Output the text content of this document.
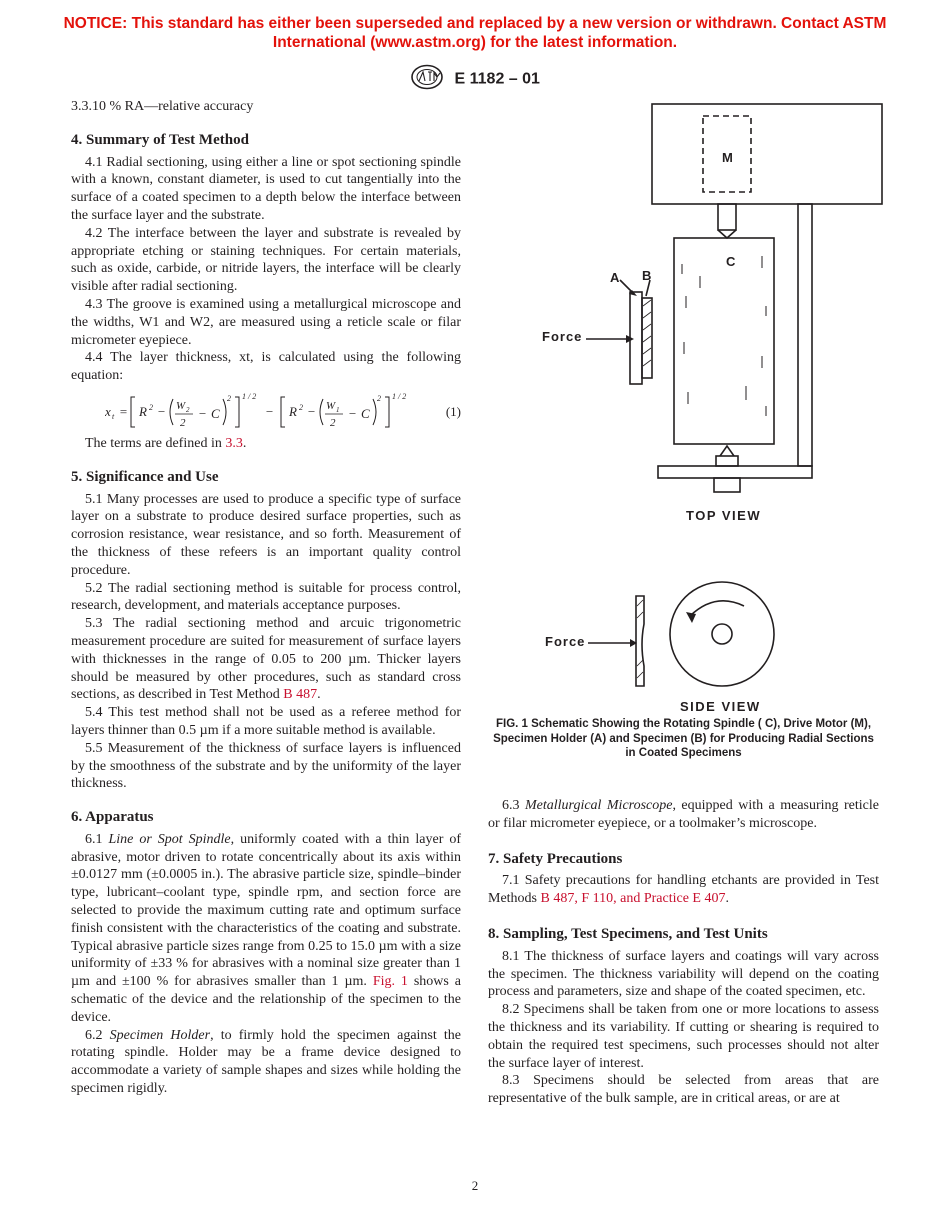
NOTICE: This standard has either been superseded and replaced by a new version or withdrawn. Contact ASTM International (www.astm.org) for the latest information.
E 1182 – 01

3.3.10 % RA—relative accuracy

4. Summary of Test Method

4.1 Radial sectioning, using either a line or spot sectioning spindle with a known, constant diameter, is used to cut tangentially into the surface of a coated specimen to a depth below the interface between the surface layer and the substrate.

4.2 The interface between the layer and substrate is revealed by appropriate etching or staining techniques. For certain materials, such as oxide, carbide, or nitride layers, the interface will be clearly visible after radial sectioning.

4.3 The groove is examined using a metallurgical microscope and the widths, W1 and W2, are measured using a reticle scale or filar micrometer eyepiece.

4.4 The layer thickness, xt, is calculated using the following equation:

x t = R 2 − W 2
2
− C
2 1 / 2
− R 2 − W 1
2
− C
2 1 / 2
(1)

The terms are defined in 3.3.

5. Significance and Use

5.1 Many processes are used to produce a specific type of surface layer on a substrate to produce desired surface properties, such as corrosion resistance, wear resistance, and so forth. Measurement of the thickness of these refeers is an important quality control procedure.

5.2 The radial sectioning method is suitable for process control, research, development, and materials acceptance purposes.

5.3 The radial sectioning method and arcuic trigonometric measurement procedure are suited for measurement of surface layers with thicknesses in the range of 0.05 to 200 µm. Thicker layers should be measured by other procedures, such as standard cross sections, as described in Test Method B 487.

5.4 This test method shall not be used as a referee method for layers thinner than 0.5 µm if a more suitable method is available.

5.5 Measurement of the thickness of surface layers is influenced by the smoothness of the substrate and by the uniformity of the layer thickness.

6. Apparatus

6.1 Line or Spot Spindle, uniformly coated with a thin layer of abrasive, motor driven to rotate concentrically about its axis within ±0.0127 mm (±0.0005 in.). The abrasive particle size, spindle–binder type, lubricant–coolant type, spindle rpm, and section force are selected to provide the maximum cutting rate and optimum surface finish consistent with the characteristics of the coating and substrate. Typical abrasive particle sizes range from 0.25 to 15.0 µm with a size uniformity of ±33 % for abrasives with a nominal size greater than 1 µm and ±100 % for abrasives smaller than 1 µm. Fig. 1 shows a schematic of the device and the relationship of the specimen to the device.

6.2 Specimen Holder, to firmly hold the specimen against the rotating spindle. Holder may be a frame device designed to accommodate a variety of sample shapes and sizes while holding the specimen rigidly.

M
C
A B
Force
TOP VIEW
Force
SIDE VIEW
FIG. 1 Schematic Showing the Rotating Spindle ( C), Drive Motor (M), Specimen Holder (A) and Specimen (B) for Producing Radial Sections in Coated Specimens

6.3 Metallurgical Microscope, equipped with a measuring reticle or filar micrometer eyepiece, or a toolmaker’s microscope.

7. Safety Precautions

7.1 Safety precautions for handling etchants are provided in Test Methods B 487, F 110, and Practice E 407.

8. Sampling, Test Specimens, and Test Units

8.1 The thickness of surface layers and coatings will vary across the specimen. The thickness variability will depend on the coating process and parameters, size and shape of the coated specimen, etc.

8.2 Specimens shall be taken from one or more locations to assess the thickness and its variability. If cutting or shearing is required to obtain the required test specimens, such processes should not alter the surface layer of interest.

8.3 Specimens should be selected from areas that are representative of the bulk sample, are in critical areas, or are at

2
